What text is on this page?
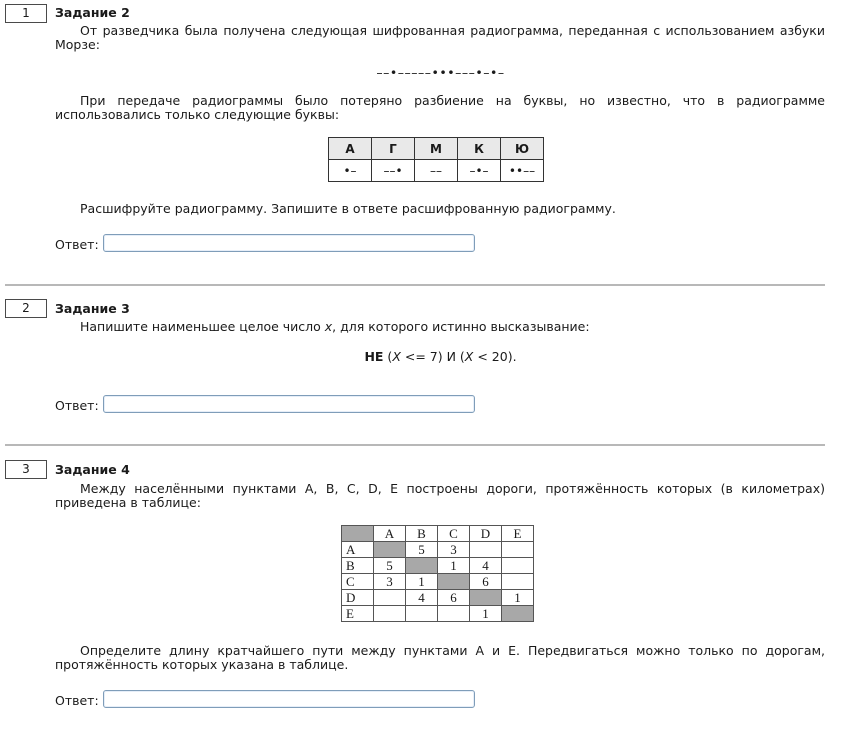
1	Задание 2
От разведчика была получена следующая шифрованная радиограмма, переданная с использованием азбуки Морзе:
––•–––––•••–––•–•–
При передаче радиограммы было потеряно разбиение на буквы, но известно, что в радиограмме использовались только следующие буквы:
А	Г	М	К	Ю
•–	––•	––	–•–	••––
Расшифруйте радиограмму. Запишите в ответе расшифрованную радиограмму.
Ответ:
2	Задание 3
Напишите наименьшее целое число x, для которого истинно высказывание:
НЕ (X <= 7) И (X < 20).
Ответ:
3	Задание 4
Между населёнными пунктами A, B, C, D, E построены дороги, протяжённость которых (в километрах) приведена в таблице:
	A	B	C	D	E
A		5	3		
B	5		1	4	
C	3	1		6	
D		4	6		1
E				1	
Определите длину кратчайшего пути между пунктами A и E. Передвигаться можно только по дорогам, протяжённость которых указана в таблице.
Ответ:
